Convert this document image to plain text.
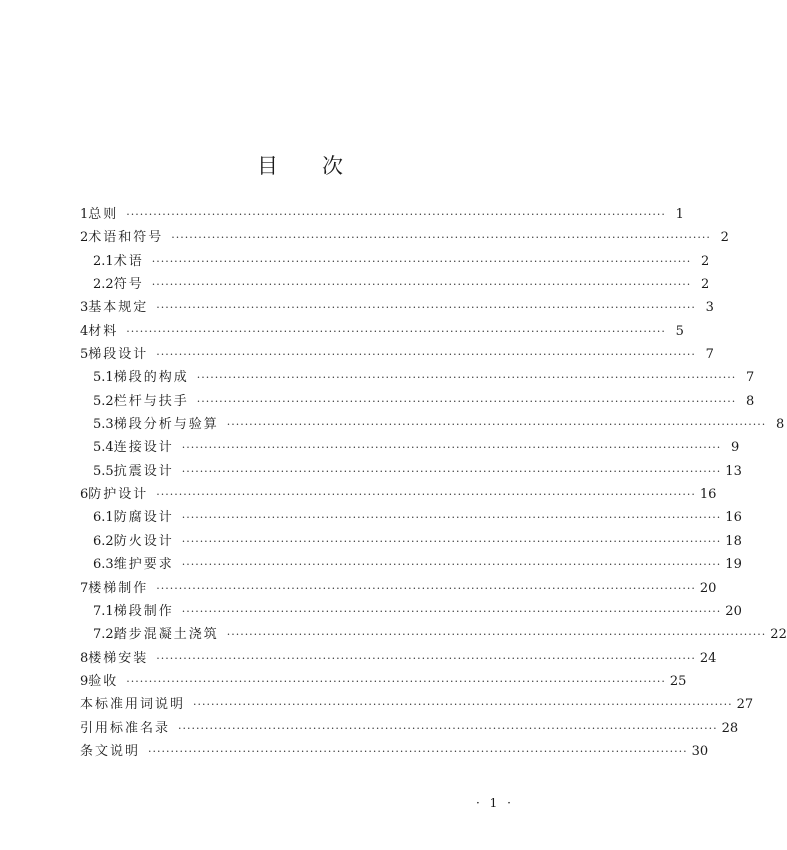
目次
1 总则 ························································································································ 1
2 术语和符号 ························································································································ 2
2.1 术语 ························································································································ 2
2.2 符号 ························································································································ 2
3 基本规定 ························································································································ 3
4 材料 ························································································································ 5
5 梯段设计 ························································································································ 7
5.1 梯段的构成 ························································································································ 7
5.2 栏杆与扶手 ························································································································ 8
5.3 梯段分析与验算 ························································································································ 8
5.4 连接设计 ························································································································ 9
5.5 抗震设计 ························································································································ 13
6 防护设计 ························································································································ 16
6.1 防腐设计 ························································································································ 16
6.2 防火设计 ························································································································ 18
6.3 维护要求 ························································································································ 19
7 楼梯制作 ························································································································ 20
7.1 梯段制作 ························································································································ 20
7.2 踏步混凝土浇筑 ························································································································ 22
8 楼梯安装 ························································································································ 24
9 验收 ························································································································ 25
本标准用词说明 ························································································································ 27
引用标准名录 ························································································································ 28
条文说明 ························································································································ 30
· 1 ·
